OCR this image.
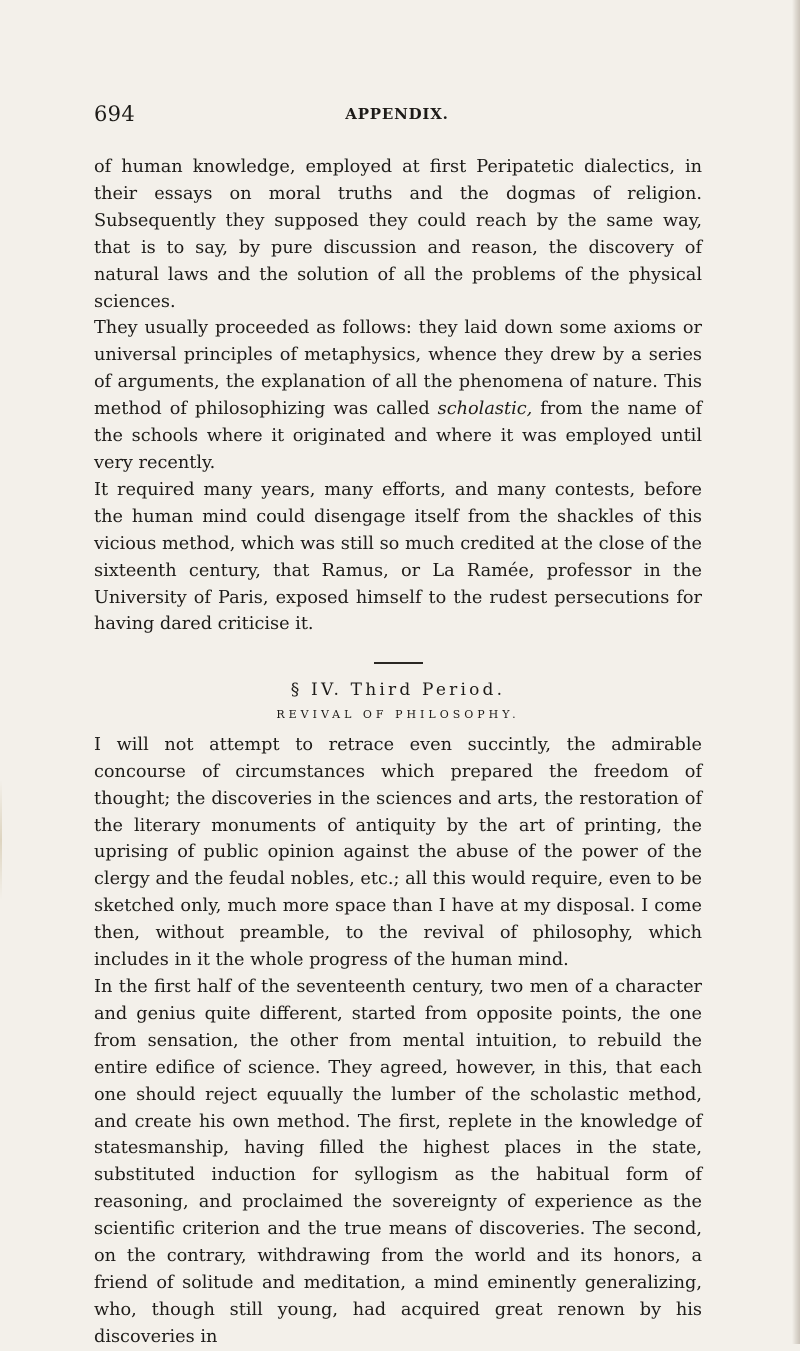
694	APPENDIX.

of human knowledge, employed at first Peripatetic dialectics, in their essays on moral truths and the dogmas of religion. Subsequently they supposed they could reach by the same way, that is to say, by pure discussion and reason, the discovery of natural laws and the solution of all the problems of the physical sciences.

They usually proceeded as follows: they laid down some axioms or universal principles of metaphysics, whence they drew by a series of arguments, the explanation of all the phenomena of nature. This method of philosophizing was called scholastic, from the name of the schools where it originated and where it was employed until very recently.

It required many years, many efforts, and many contests, before the human mind could disengage itself from the shackles of this vicious method, which was still so much credited at the close of the sixteenth century, that Ramus, or La Ramée, professor in the University of Paris, exposed himself to the rudest persecutions for having dared criticise it.

§ IV. Third Period.
REVIVAL OF PHILOSOPHY.

I will not attempt to retrace even succintly, the admirable concourse of circumstances which prepared the freedom of thought; the discoveries in the sciences and arts, the restoration of the literary monuments of antiquity by the art of printing, the uprising of public opinion against the abuse of the power of the clergy and the feudal nobles, etc.; all this would require, even to be sketched only, much more space than I have at my disposal. I come then, without preamble, to the revival of philosophy, which includes in it the whole progress of the human mind.

In the first half of the seventeenth century, two men of a character and genius quite different, started from opposite points, the one from sensation, the other from mental intuition, to rebuild the entire edifice of science. They agreed, however, in this, that each one should reject equually the lumber of the scholastic method, and create his own method. The first, replete in the knowledge of statesmanship, having filled the highest places in the state, substituted induction for syllogism as the habitual form of reasoning, and proclaimed the sovereignty of experience as the scientific criterion and the true means of discoveries. The second, on the contrary, withdrawing from the world and its honors, a friend of solitude and meditation, a mind eminently generalizing, who, though still young, had acquired great renown by his discoveries in
